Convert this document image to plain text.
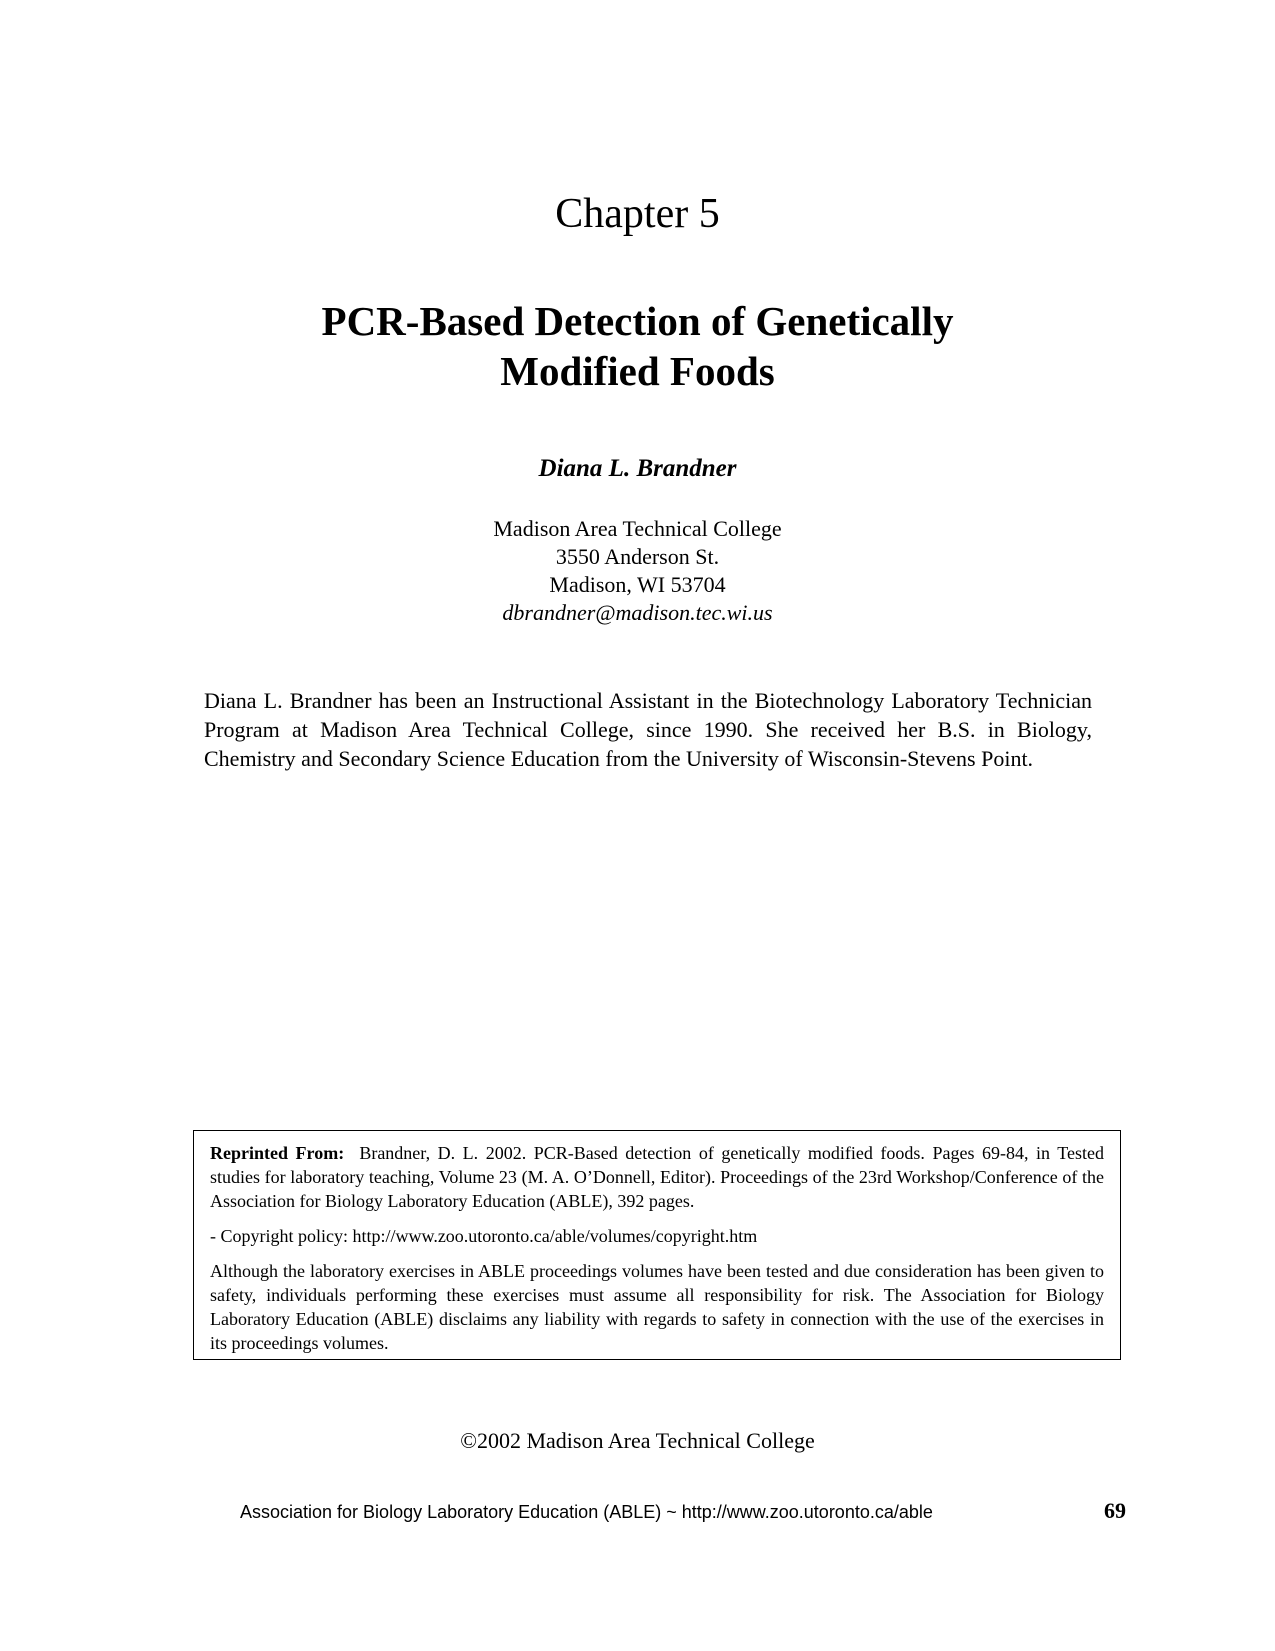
Chapter 5
PCR-Based Detection of Genetically
Modified Foods
Diana L. Brandner
Madison Area Technical College
3550 Anderson St.
Madison, WI 53704
dbrandner@madison.tec.wi.us
Diana L. Brandner has been an Instructional Assistant in the Biotechnology Laboratory Technician Program at Madison Area Technical College, since 1990. She received her B.S. in Biology, Chemistry and Secondary Science Education from the University of Wisconsin-Stevens Point.

Reprinted From: Brandner, D. L. 2002. PCR-Based detection of genetically modified foods. Pages 69-84, in Tested studies for laboratory teaching, Volume 23 (M. A. O’Donnell, Editor). Proceedings of the 23rd Workshop/Conference of the Association for Biology Laboratory Education (ABLE), 392 pages.

- Copyright policy: http://www.zoo.utoronto.ca/able/volumes/copyright.htm

Although the laboratory exercises in ABLE proceedings volumes have been tested and due consideration has been given to safety, individuals performing these exercises must assume all responsibility for risk. The Association for Biology Laboratory Education (ABLE) disclaims any liability with regards to safety in connection with the use of the exercises in its proceedings volumes.

©2002 Madison Area Technical College
Association for Biology Laboratory Education (ABLE) ~ http://www.zoo.utoronto.ca/able	69
